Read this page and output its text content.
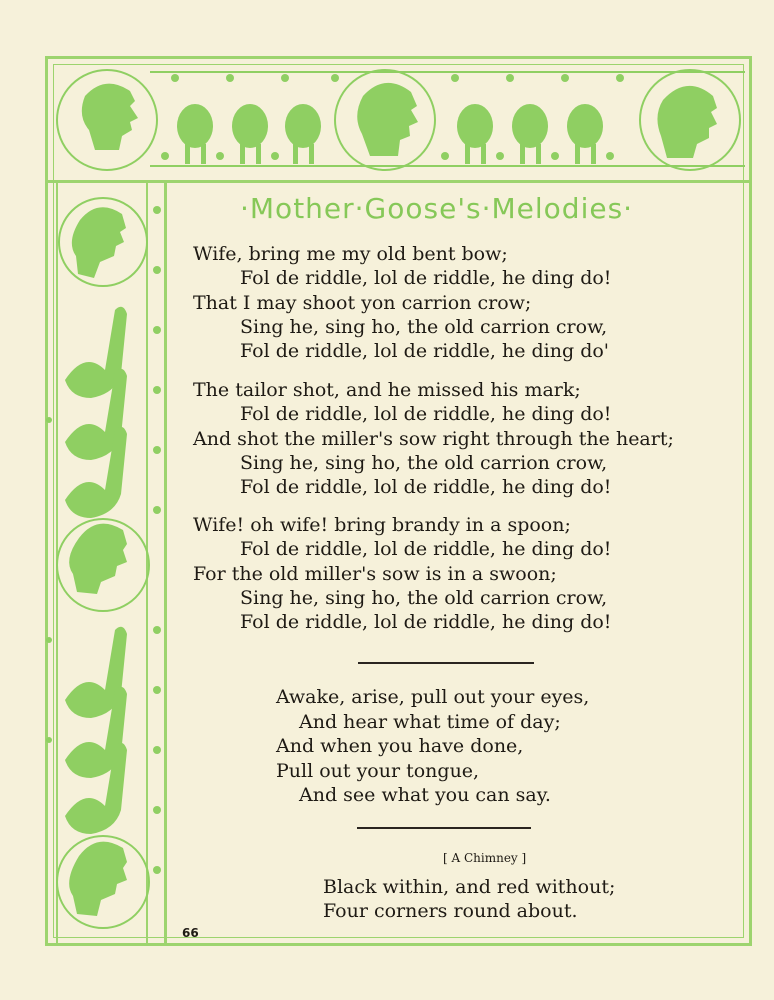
·Mother·Goose's·Melodies·
Wife, bring me my old bent bow;
Fol de riddle, lol de riddle, he ding do!
That I may shoot yon carrion crow;
Sing he, sing ho, the old carrion crow,
Fol de riddle, lol de riddle, he ding do'
The tailor shot, and he missed his mark;
Fol de riddle, lol de riddle, he ding do!
And shot the miller's sow right through the heart;
Sing he, sing ho, the old carrion crow,
Fol de riddle, lol de riddle, he ding do!
Wife! oh wife! bring brandy in a spoon;
Fol de riddle, lol de riddle, he ding do!
For the old miller's sow is in a swoon;
Sing he, sing ho, the old carrion crow,
Fol de riddle, lol de riddle, he ding do!
Awake, arise, pull out your eyes,
And hear what time of day;
And when you have done,
Pull out your tongue,
And see what you can say.
[ A Chimney ]
Black within, and red without;
Four corners round about.
66
